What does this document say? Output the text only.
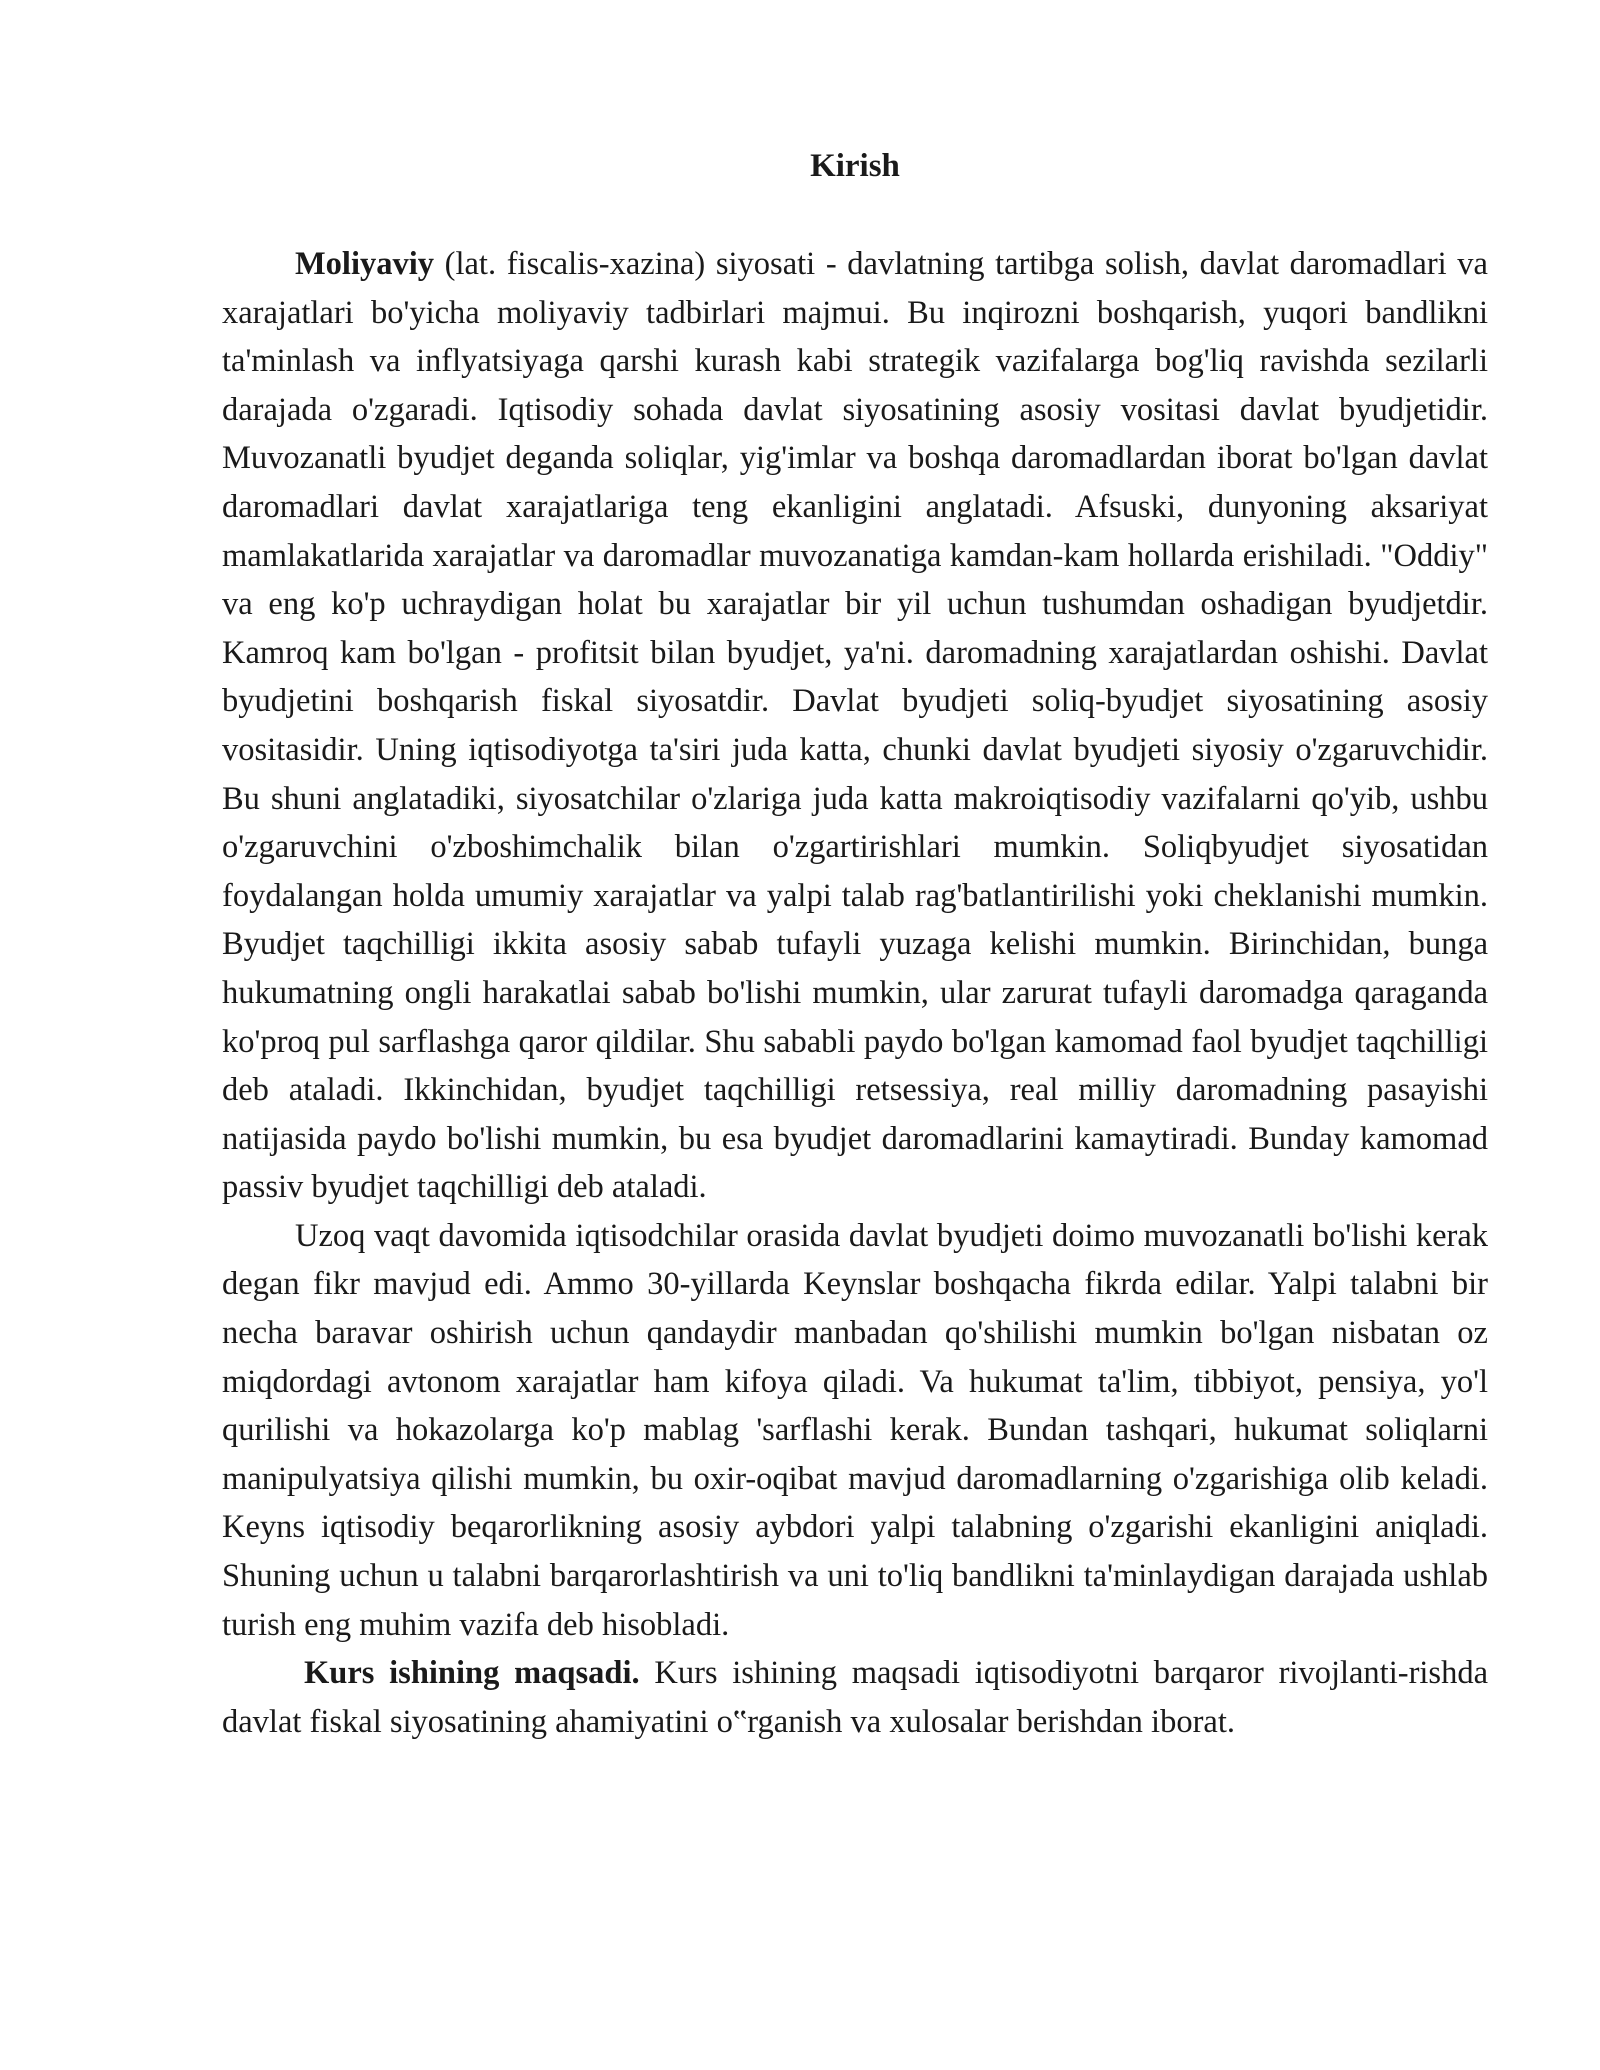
Kirish

Moliyaviy (lat. fiscalis-xazina) siyosati - davlatning tartibga solish, davlat daromadlari va xarajatlari bo'yicha moliyaviy tadbirlari majmui. Bu inqirozni boshqarish, yuqori bandlikni ta'minlash va inflyatsiyaga qarshi kurash kabi strategik vazifalarga bog'liq ravishda sezilarli darajada o'zgaradi. Iqtisodiy sohada davlat siyosatining asosiy vositasi davlat byudjetidir. Muvozanatli byudjet deganda soliqlar, yig'imlar va boshqa daromadlardan iborat bo'lgan davlat daromadlari davlat xarajatlariga teng ekanligini anglatadi. Afsuski, dunyoning aksariyat mamlakatlarida xarajatlar va daromadlar muvozanatiga kamdan-kam hollarda erishiladi. "Oddiy" va eng ko'p uchraydigan holat bu xarajatlar bir yil uchun tushumdan oshadigan byudjetdir. Kamroq kam bo'lgan - profitsit bilan byudjet, ya'ni. daromadning xarajatlardan oshishi. Davlat byudjetini boshqarish fiskal siyosatdir. Davlat byudjeti soliq-byudjet siyosatining asosiy vositasidir. Uning iqtisodiyotga ta'siri juda katta, chunki davlat byudjeti siyosiy o'zgaruvchidir. Bu shuni anglatadiki, siyosatchilar o'zlariga juda katta makroiqtisodiy vazifalarni qo'yib, ushbu o'zgaruvchini o'zboshimchalik bilan o'zgartirishlari mumkin. Soliqbyudjet siyosatidan foydalangan holda umumiy xarajatlar va yalpi talab rag'batlantirilishi yoki cheklanishi mumkin. Byudjet taqchilligi ikkita asosiy sabab tufayli yuzaga kelishi mumkin. Birinchidan, bunga hukumatning ongli harakatlai sabab bo'lishi mumkin, ular zarurat tufayli daromadga qaraganda ko'proq pul sarflashga qaror qildilar. Shu sababli paydo bo'lgan kamomad faol byudjet taqchilligi deb ataladi. Ikkinchidan, byudjet taqchilligi retsessiya, real milliy daromadning pasayishi natijasida paydo bo'lishi mumkin, bu esa byudjet daromadlarini kamaytiradi. Bunday kamomad passiv byudjet taqchilligi deb ataladi.

Uzoq vaqt davomida iqtisodchilar orasida davlat byudjeti doimo muvozanatli bo'lishi kerak degan fikr mavjud edi. Ammo 30-yillarda Keynslar boshqacha fikrda edilar. Yalpi talabni bir necha baravar oshirish uchun qandaydir manbadan qo'shilishi mumkin bo'lgan nisbatan oz miqdordagi avtonom xarajatlar ham kifoya qiladi. Va hukumat ta'lim, tibbiyot, pensiya, yo'l qurilishi va hokazolarga ko'p mablag 'sarflashi kerak. Bundan tashqari, hukumat soliqlarni manipulyatsiya qilishi mumkin, bu oxir-oqibat mavjud daromadlarning o'zgarishiga olib keladi. Keyns iqtisodiy beqarorlikning asosiy aybdori yalpi talabning o'zgarishi ekanligini aniqladi. Shuning uchun u talabni barqarorlashtirish va uni to'liq bandlikni ta'minlaydigan darajada ushlab turish eng muhim vazifa deb hisobladi.

Kurs ishining maqsadi. Kurs ishining maqsadi iqtisodiyotni barqaror rivojlanti-rishda davlat fiskal siyosatining ahamiyatini o‟rganish va xulosalar berishdan iborat.
